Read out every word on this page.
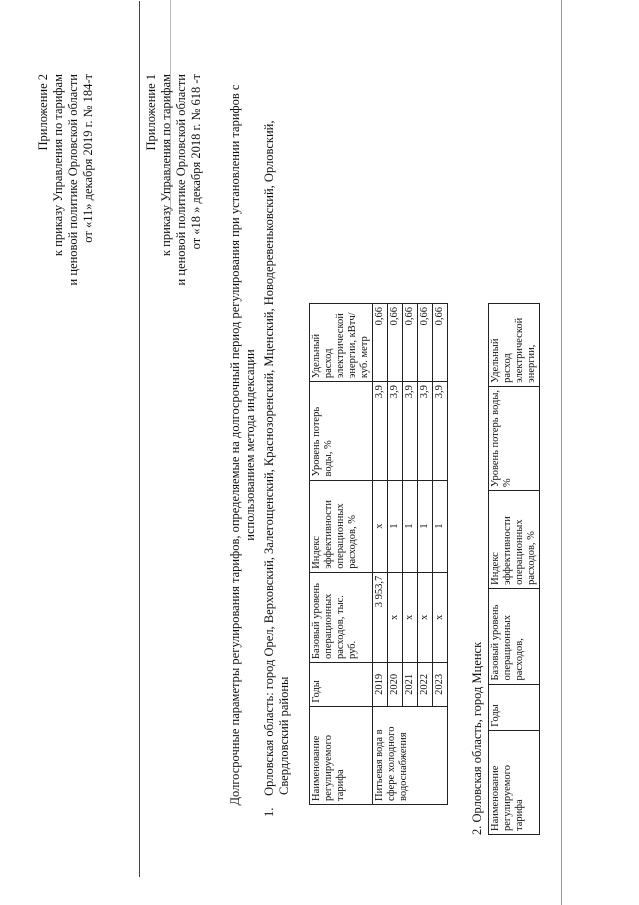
Приложение 2 к приказу Управления по тарифам и ценовой политике Орловской области от «11» декабря 2019 г. № 184-т	Приложение 1 к приказу Управления по тарифам и ценовой политике Орловской области от «18 » декабря 2018 г. № 618 -т Долгосрочные параметры регулирования тарифов, определяемые на долгосрочный период регулирования при установлении тарифов с использованием метода индексации
1. Орловская область: город Орел, Верховский, Залегощенский, Краснозоренский, Мценский, Новодеревеньковский, Орловский, Свердловский районы Наименование регулируемого тарифа	Годы	Базовый уровень операционных расходов, тыс. руб.	Индекс эффективности операционных расходов, %	Уровень потерь воды, %	Удельный расход электрической энергии, кВтч/куб. метр
Питьевая вода в сфере холодного водоснабжения	2019	3 953,7	х	3,9	0,66
	2020	х	1	3,9	0,66
	2021	х	1	3,9	0,66
	2022	х	1	3,9	0,66
	2023	х	1	3,9	0,66
2. Орловская область, город Мценск Наименование регулируемого тарифа	Годы	Базовый уровень операционных расходов,	Индекс эффективности операционных расходов, %	Уровень потерь воды, %	Удельный расход электрической энергии,
